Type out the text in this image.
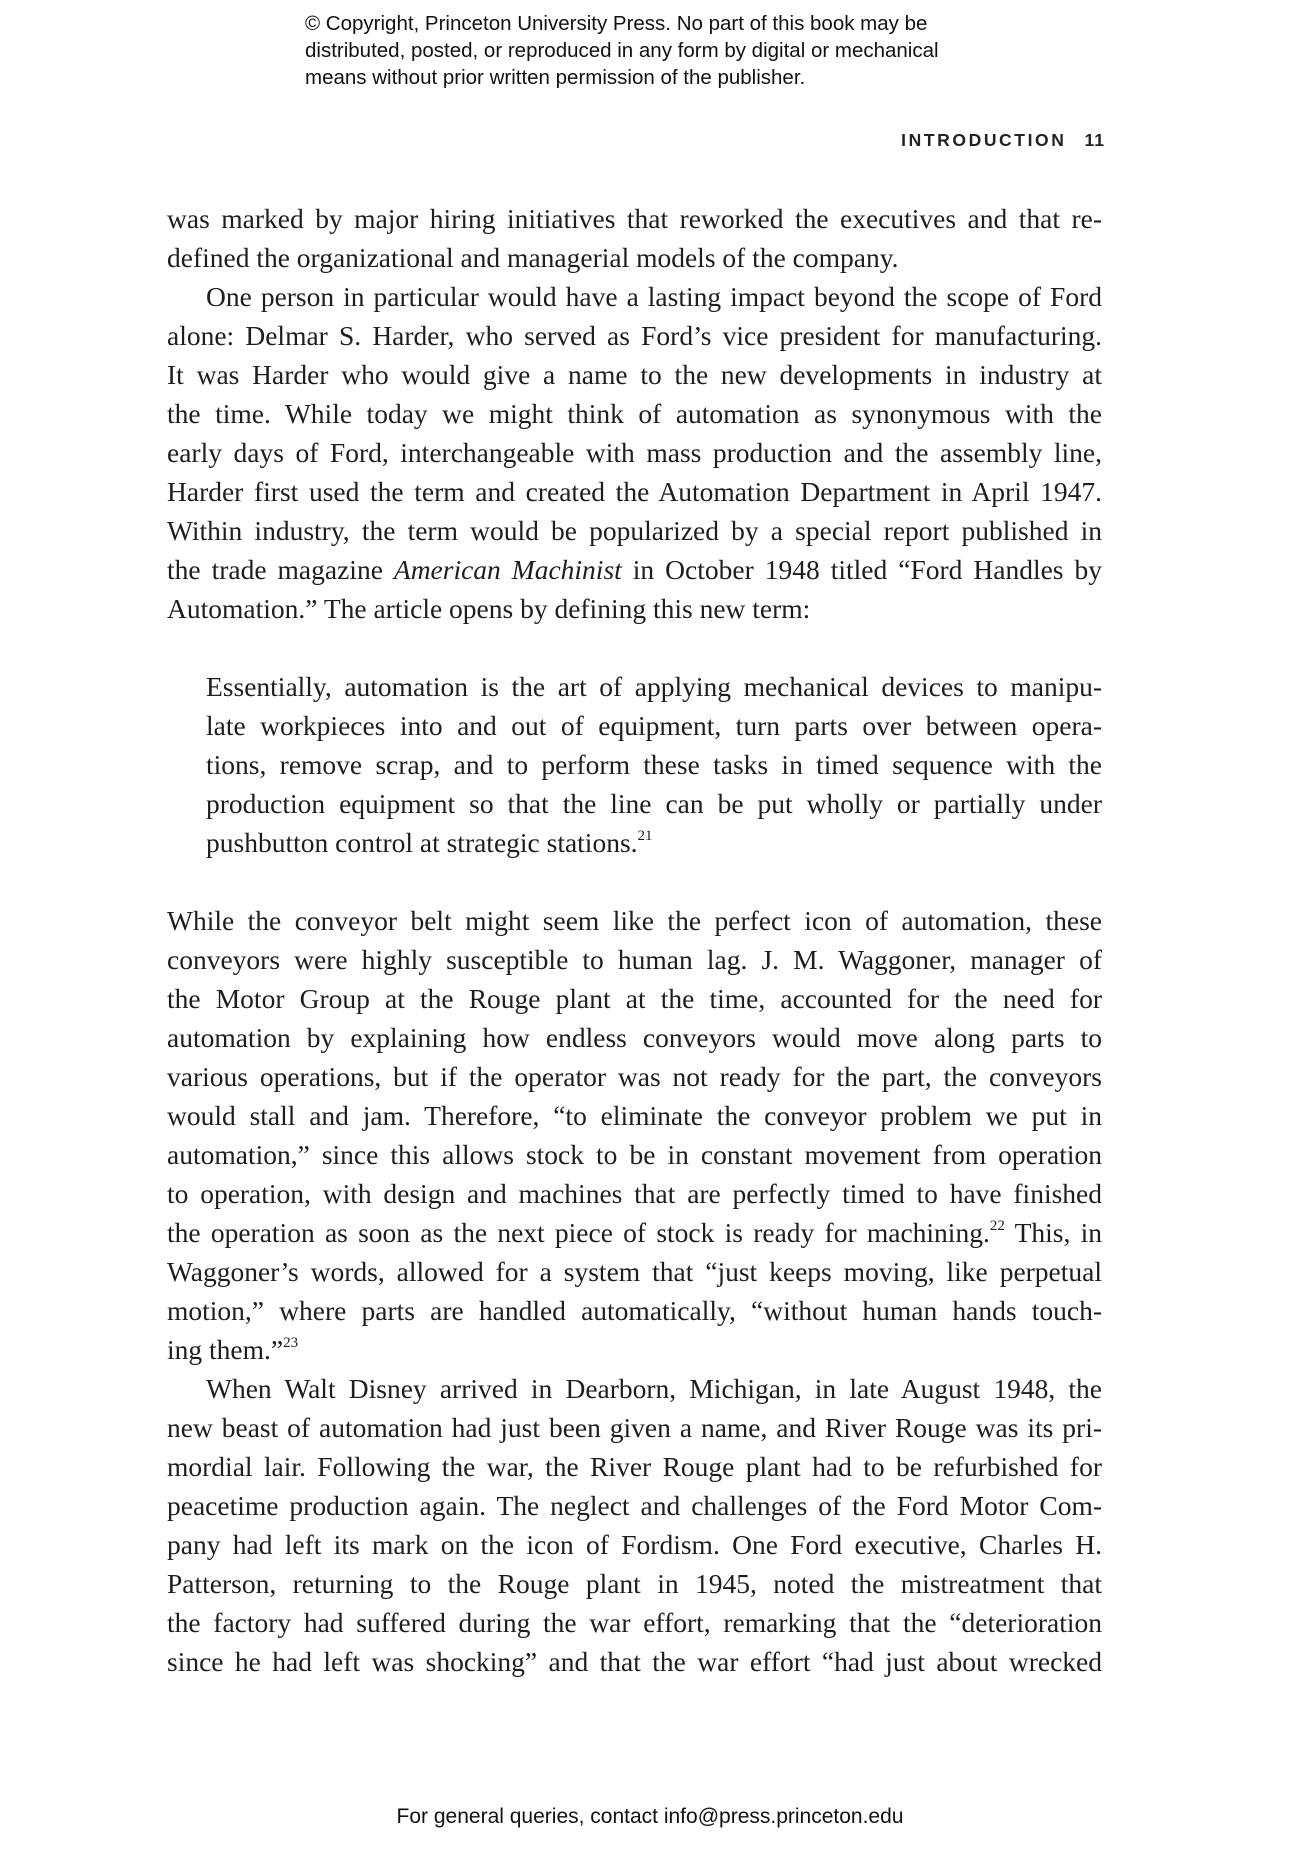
© Copyright, Princeton University Press. No part of this book may be
distributed, posted, or reproduced in any form by digital or mechanical
means without prior written permission of the publisher.
INTRODUCTION 11

was marked by major hiring initiatives that reworked the executives and that re-
defined the organizational and managerial models of the company.

One person in particular would have a lasting impact beyond the scope of Ford
alone: Delmar S. Harder, who served as Ford’s vice president for manufacturing.
It was Harder who would give a name to the new developments in industry at
the time. While today we might think of automation as synonymous with the
early days of Ford, interchangeable with mass production and the assembly line,
Harder first used the term and created the Automation Department in April 1947.
Within industry, the term would be popularized by a special report published in
the trade magazine American Machinist in October 1948 titled “Ford Handles by
Automation.” The article opens by defining this new term:

Essentially, automation is the art of applying mechanical devices to manipu-
late workpieces into and out of equipment, turn parts over between opera-
tions, remove scrap, and to perform these tasks in timed sequence with the
production equipment so that the line can be put wholly or partially under
pushbutton control at strategic stations.$^{21}$

While the conveyor belt might seem like the perfect icon of automation, these
conveyors were highly susceptible to human lag. J. M. Waggoner, manager of
the Motor Group at the Rouge plant at the time, accounted for the need for
automation by explaining how endless conveyors would move along parts to
various operations, but if the operator was not ready for the part, the conveyors
would stall and jam. Therefore, “to eliminate the conveyor problem we put in
automation,” since this allows stock to be in constant movement from operation
to operation, with design and machines that are perfectly timed to have finished
the operation as soon as the next piece of stock is ready for machining.$^{22}$ This, in
Waggoner’s words, allowed for a system that “just keeps moving, like perpetual
motion,” where parts are handled automatically, “without human hands touch-
ing them.”$^{23}$

When Walt Disney arrived in Dearborn, Michigan, in late August 1948, the
new beast of automation had just been given a name, and River Rouge was its pri-
mordial lair. Following the war, the River Rouge plant had to be refurbished for
peacetime production again. The neglect and challenges of the Ford Motor Com-
pany had left its mark on the icon of Fordism. One Ford executive, Charles H.
Patterson, returning to the Rouge plant in 1945, noted the mistreatment that
the factory had suffered during the war effort, remarking that the “deterioration
since he had left was shocking” and that the war effort “had just about wrecked

For general queries, contact info@press.princeton.edu
